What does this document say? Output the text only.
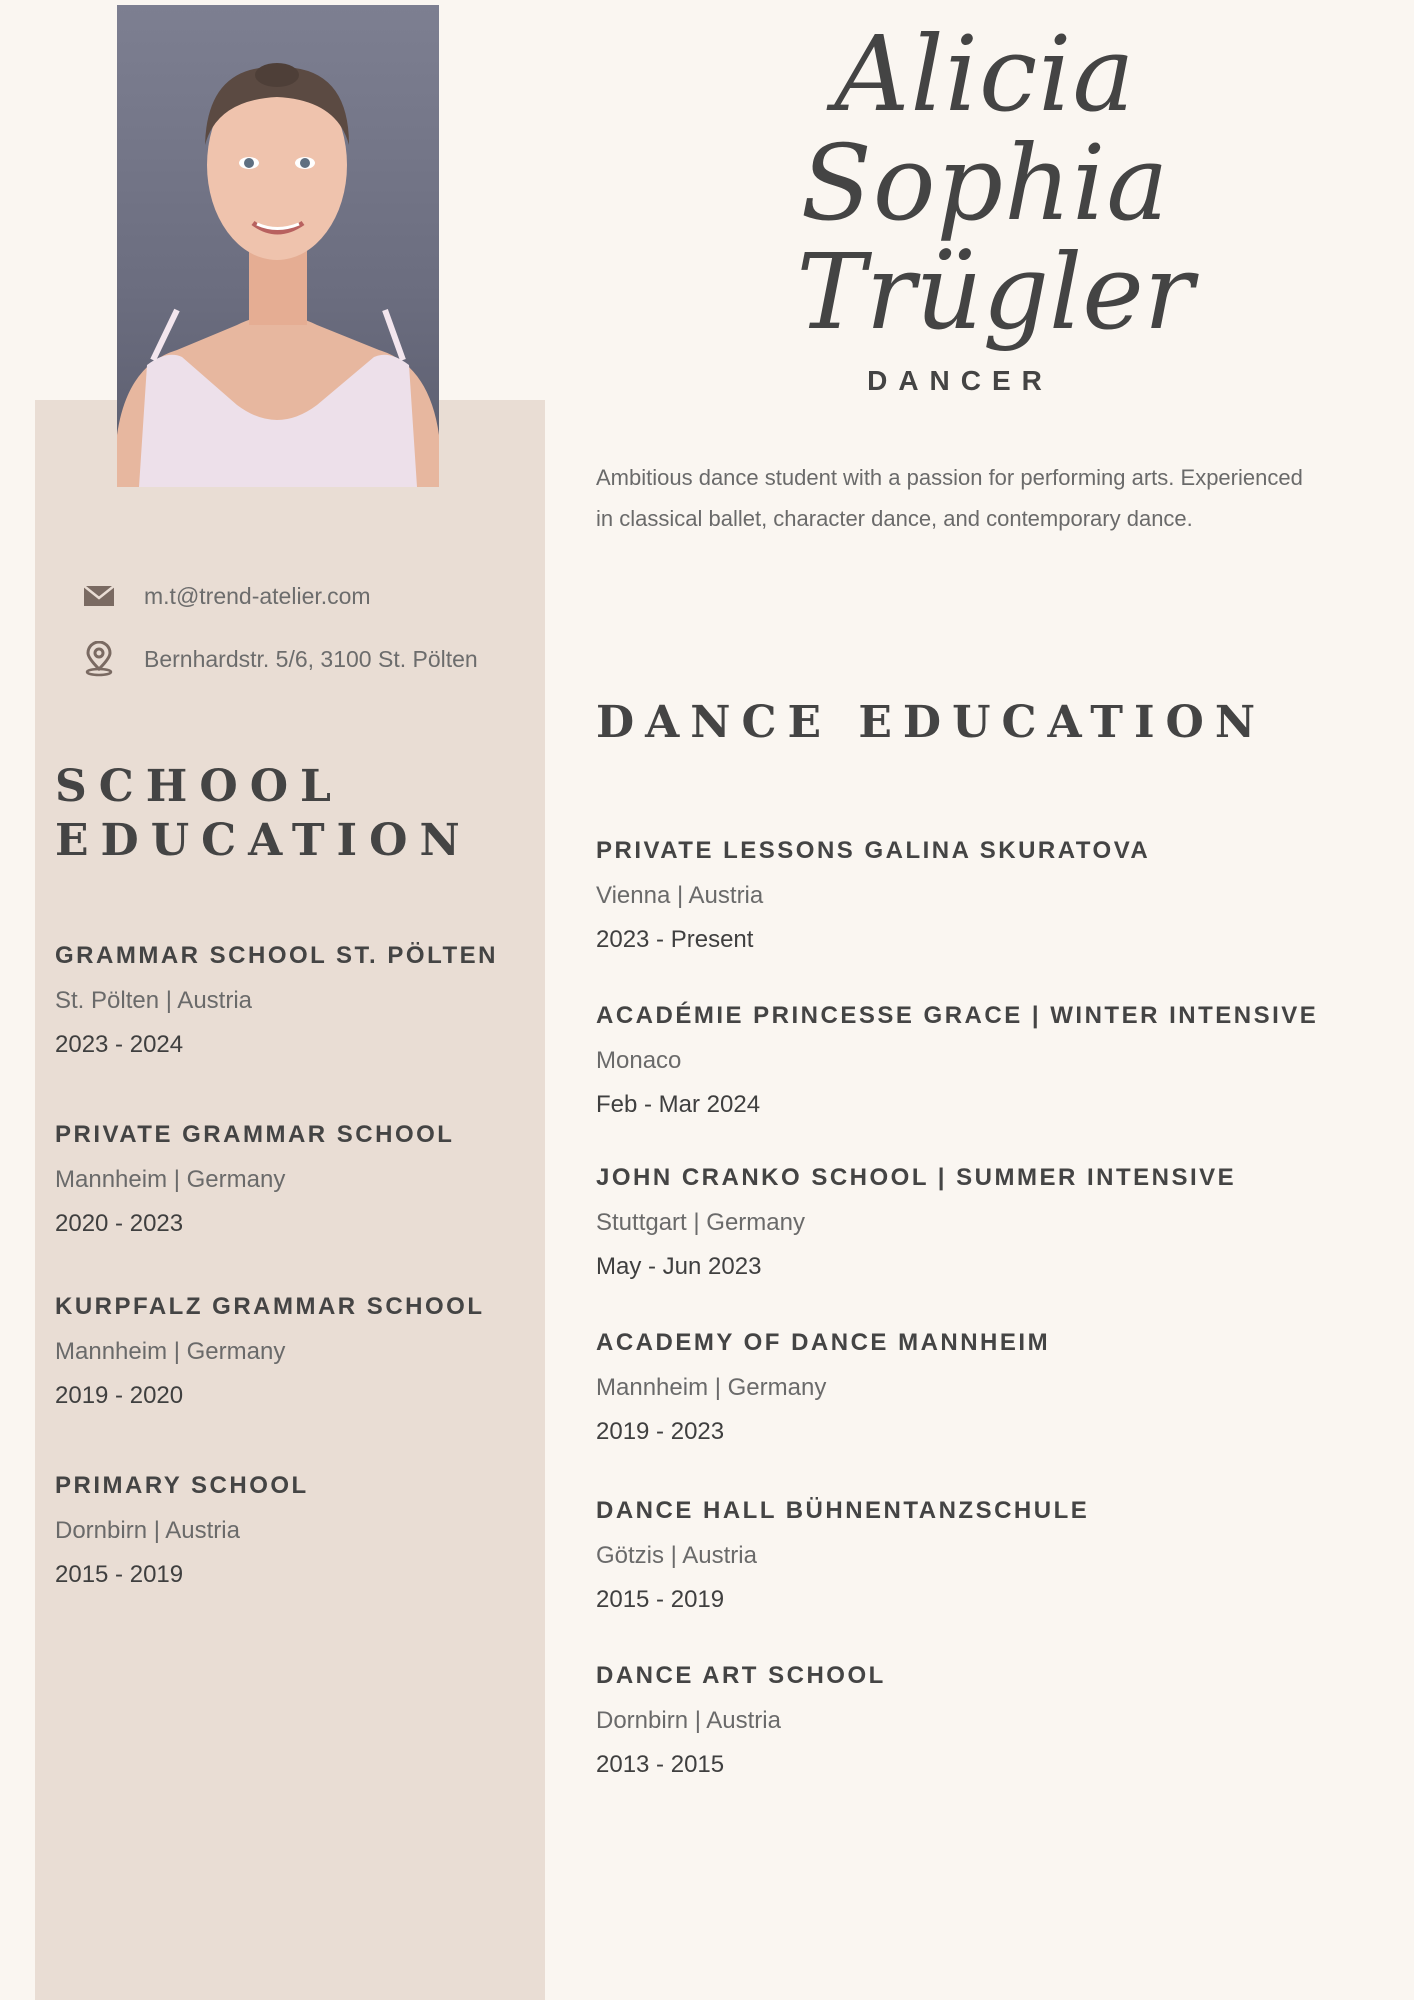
m.t@trend-atelier.com
Bernhardstr. 5/6, 3100 St. Pölten
SCHOOL
EDUCATION

GRAMMAR SCHOOL ST. PÖLTEN

St. Pölten | Austria
2023 - 2024

PRIVATE GRAMMAR SCHOOL

Mannheim | Germany
2020 - 2023

KURPFALZ GRAMMAR SCHOOL

Mannheim | Germany
2019 - 2020

PRIMARY SCHOOL

Dornbirn | Austria
2015 - 2019
Alicia Sophia
Trügler
DANCER
Ambitious dance student with a passion for performing arts. Experienced in classical ballet, character dance, and contemporary dance.
DANCE EDUCATION

PRIVATE LESSONS GALINA SKURATOVA

Vienna | Austria
2023 - Present

ACADÉMIE PRINCESSE GRACE | WINTER INTENSIVE

Monaco
Feb - Mar 2024

JOHN CRANKO SCHOOL | SUMMER INTENSIVE

Stuttgart | Germany
May - Jun 2023

ACADEMY OF DANCE MANNHEIM

Mannheim | Germany
2019 - 2023

DANCE HALL BÜHNENTANZSCHULE

Götzis | Austria
2015 - 2019

DANCE ART SCHOOL

Dornbirn | Austria
2013 - 2015
